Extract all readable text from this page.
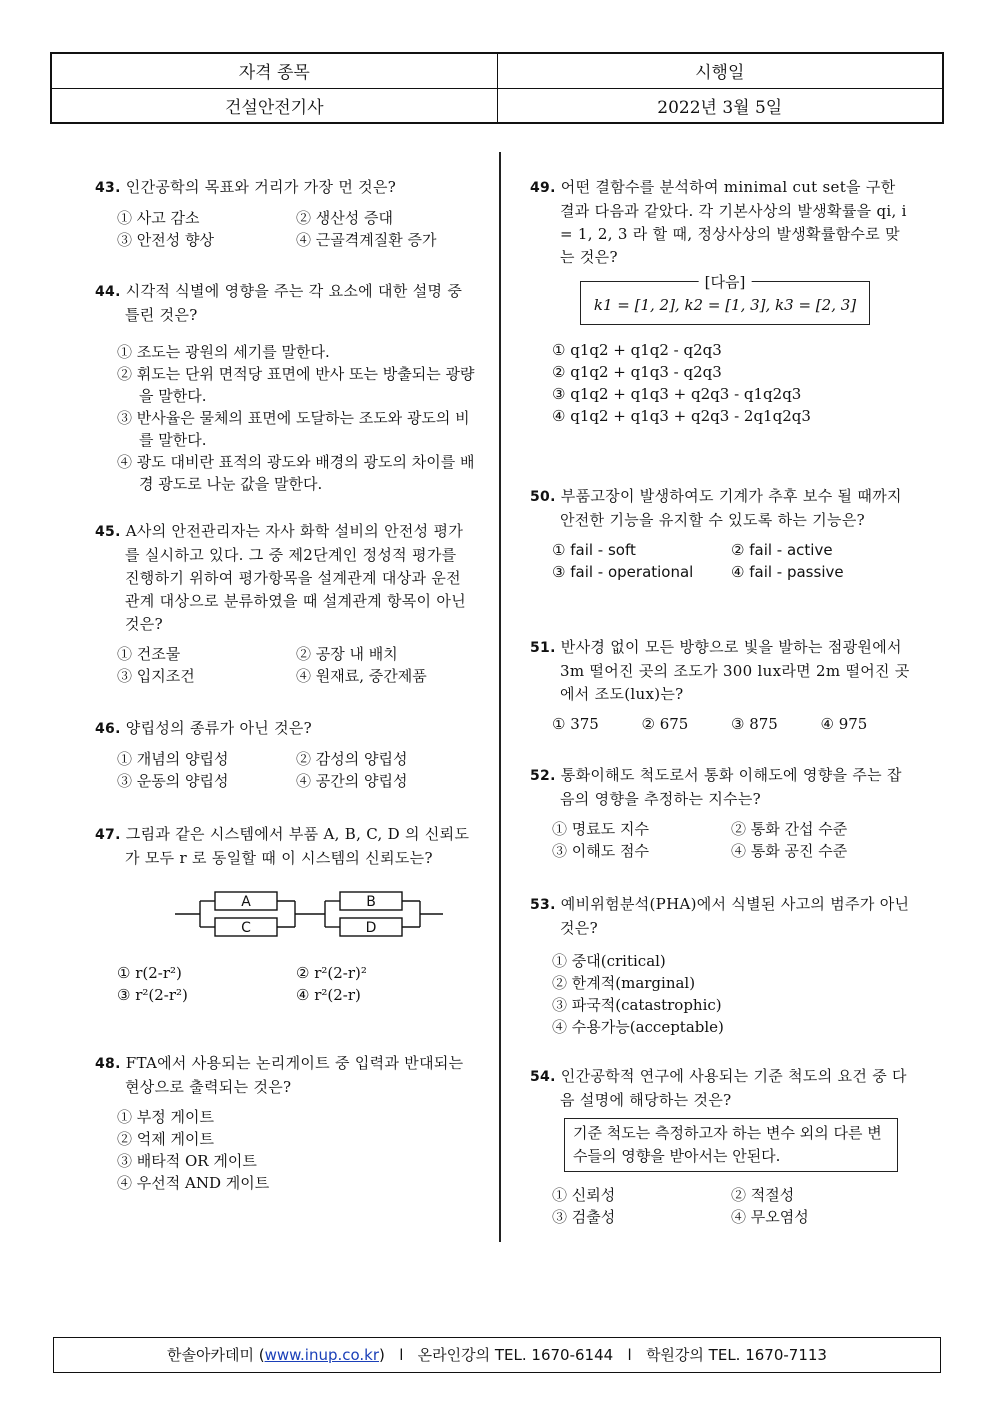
자격 종목	시행일
건설안전기사	2022년 3월 5일
43. 인간공학의 목표와 거리가 가장 먼 것은?
① 사고 감소	② 생산성 증대
③ 안전성 향상	④ 근골격계질환 증가
44. 시각적 식별에 영향을 주는 각 요소에 대한 설명 중 틀린 것은?
① 조도는 광원의 세기를 말한다.
② 휘도는 단위 면적당 표면에 반사 또는 방출되는 광량을 말한다.
③ 반사율은 물체의 표면에 도달하는 조도와 광도의 비를 말한다.
④ 광도 대비란 표적의 광도와 배경의 광도의 차이를 배경 광도로 나눈 값을 말한다.
45. A사의 안전관리자는 자사 화학 설비의 안전성 평가를 실시하고 있다. 그 중 제2단계인 정성적 평가를 진행하기 위하여 평가항목을 설계관계 대상과 운전관계 대상으로 분류하였을 때 설계관계 항목이 아닌 것은?
① 건조물	② 공장 내 배치
③ 입지조건	④ 원재료, 중간제품
46. 양립성의 종류가 아닌 것은?
① 개념의 양립성	② 감성의 양립성
③ 운동의 양립성	④ 공간의 양립성
47. 그림과 같은 시스템에서 부품 A, B, C, D 의 신뢰도가 모두 r 로 동일할 때 이 시스템의 신뢰도는?
A
C
B
D
① r(2-r²)	② r²(2-r)²
③ r²(2-r²)	④ r²(2-r)
48. FTA에서 사용되는 논리게이트 중 입력과 반대되는 현상으로 출력되는 것은?
① 부정 게이트
② 억제 게이트
③ 배타적 OR 게이트
④ 우선적 AND 게이트
49. 어떤 결함수를 분석하여 minimal cut set을 구한 결과 다음과 같았다. 각 기본사상의 발생확률을 qi, i = 1, 2, 3 라 할 때, 정상사상의 발생확률함수로 맞는 것은?
[다음]
k1 = [1, 2], k2 = [1, 3], k3 = [2, 3]
① q1q2 + q1q2 - q2q3
② q1q2 + q1q3 - q2q3
③ q1q2 + q1q3 + q2q3 - q1q2q3
④ q1q2 + q1q3 + q2q3 - 2q1q2q3
50. 부품고장이 발생하여도 기계가 추후 보수 될 때까지 안전한 기능을 유지할 수 있도록 하는 기능은?
① fail - soft	② fail - active
③ fail - operational	④ fail - passive
51. 반사경 없이 모든 방향으로 빛을 발하는 점광원에서 3m 떨어진 곳의 조도가 300 lux라면 2m 떨어진 곳에서 조도(lux)는?
① 375	② 675	③ 875	④ 975
52. 통화이해도 척도로서 통화 이해도에 영향을 주는 잡음의 영향을 추정하는 지수는?
① 명료도 지수	② 통화 간섭 수준
③ 이해도 점수	④ 통화 공진 수준
53. 예비위험분석(PHA)에서 식별된 사고의 범주가 아닌 것은?
① 중대(critical)
② 한계적(marginal)
③ 파국적(catastrophic)
④ 수용가능(acceptable)
54. 인간공학적 연구에 사용되는 기준 척도의 요건 중 다음 설명에 해당하는 것은?
기준 척도는 측정하고자 하는 변수 외의 다른 변수들의 영향을 받아서는 안된다.
① 신뢰성	② 적절성
③ 검출성	④ 무오염성
한솔아카데미 (www.inup.co.kr)   l   온라인강의 TEL. 1670-6144   l   학원강의 TEL. 1670-7113
